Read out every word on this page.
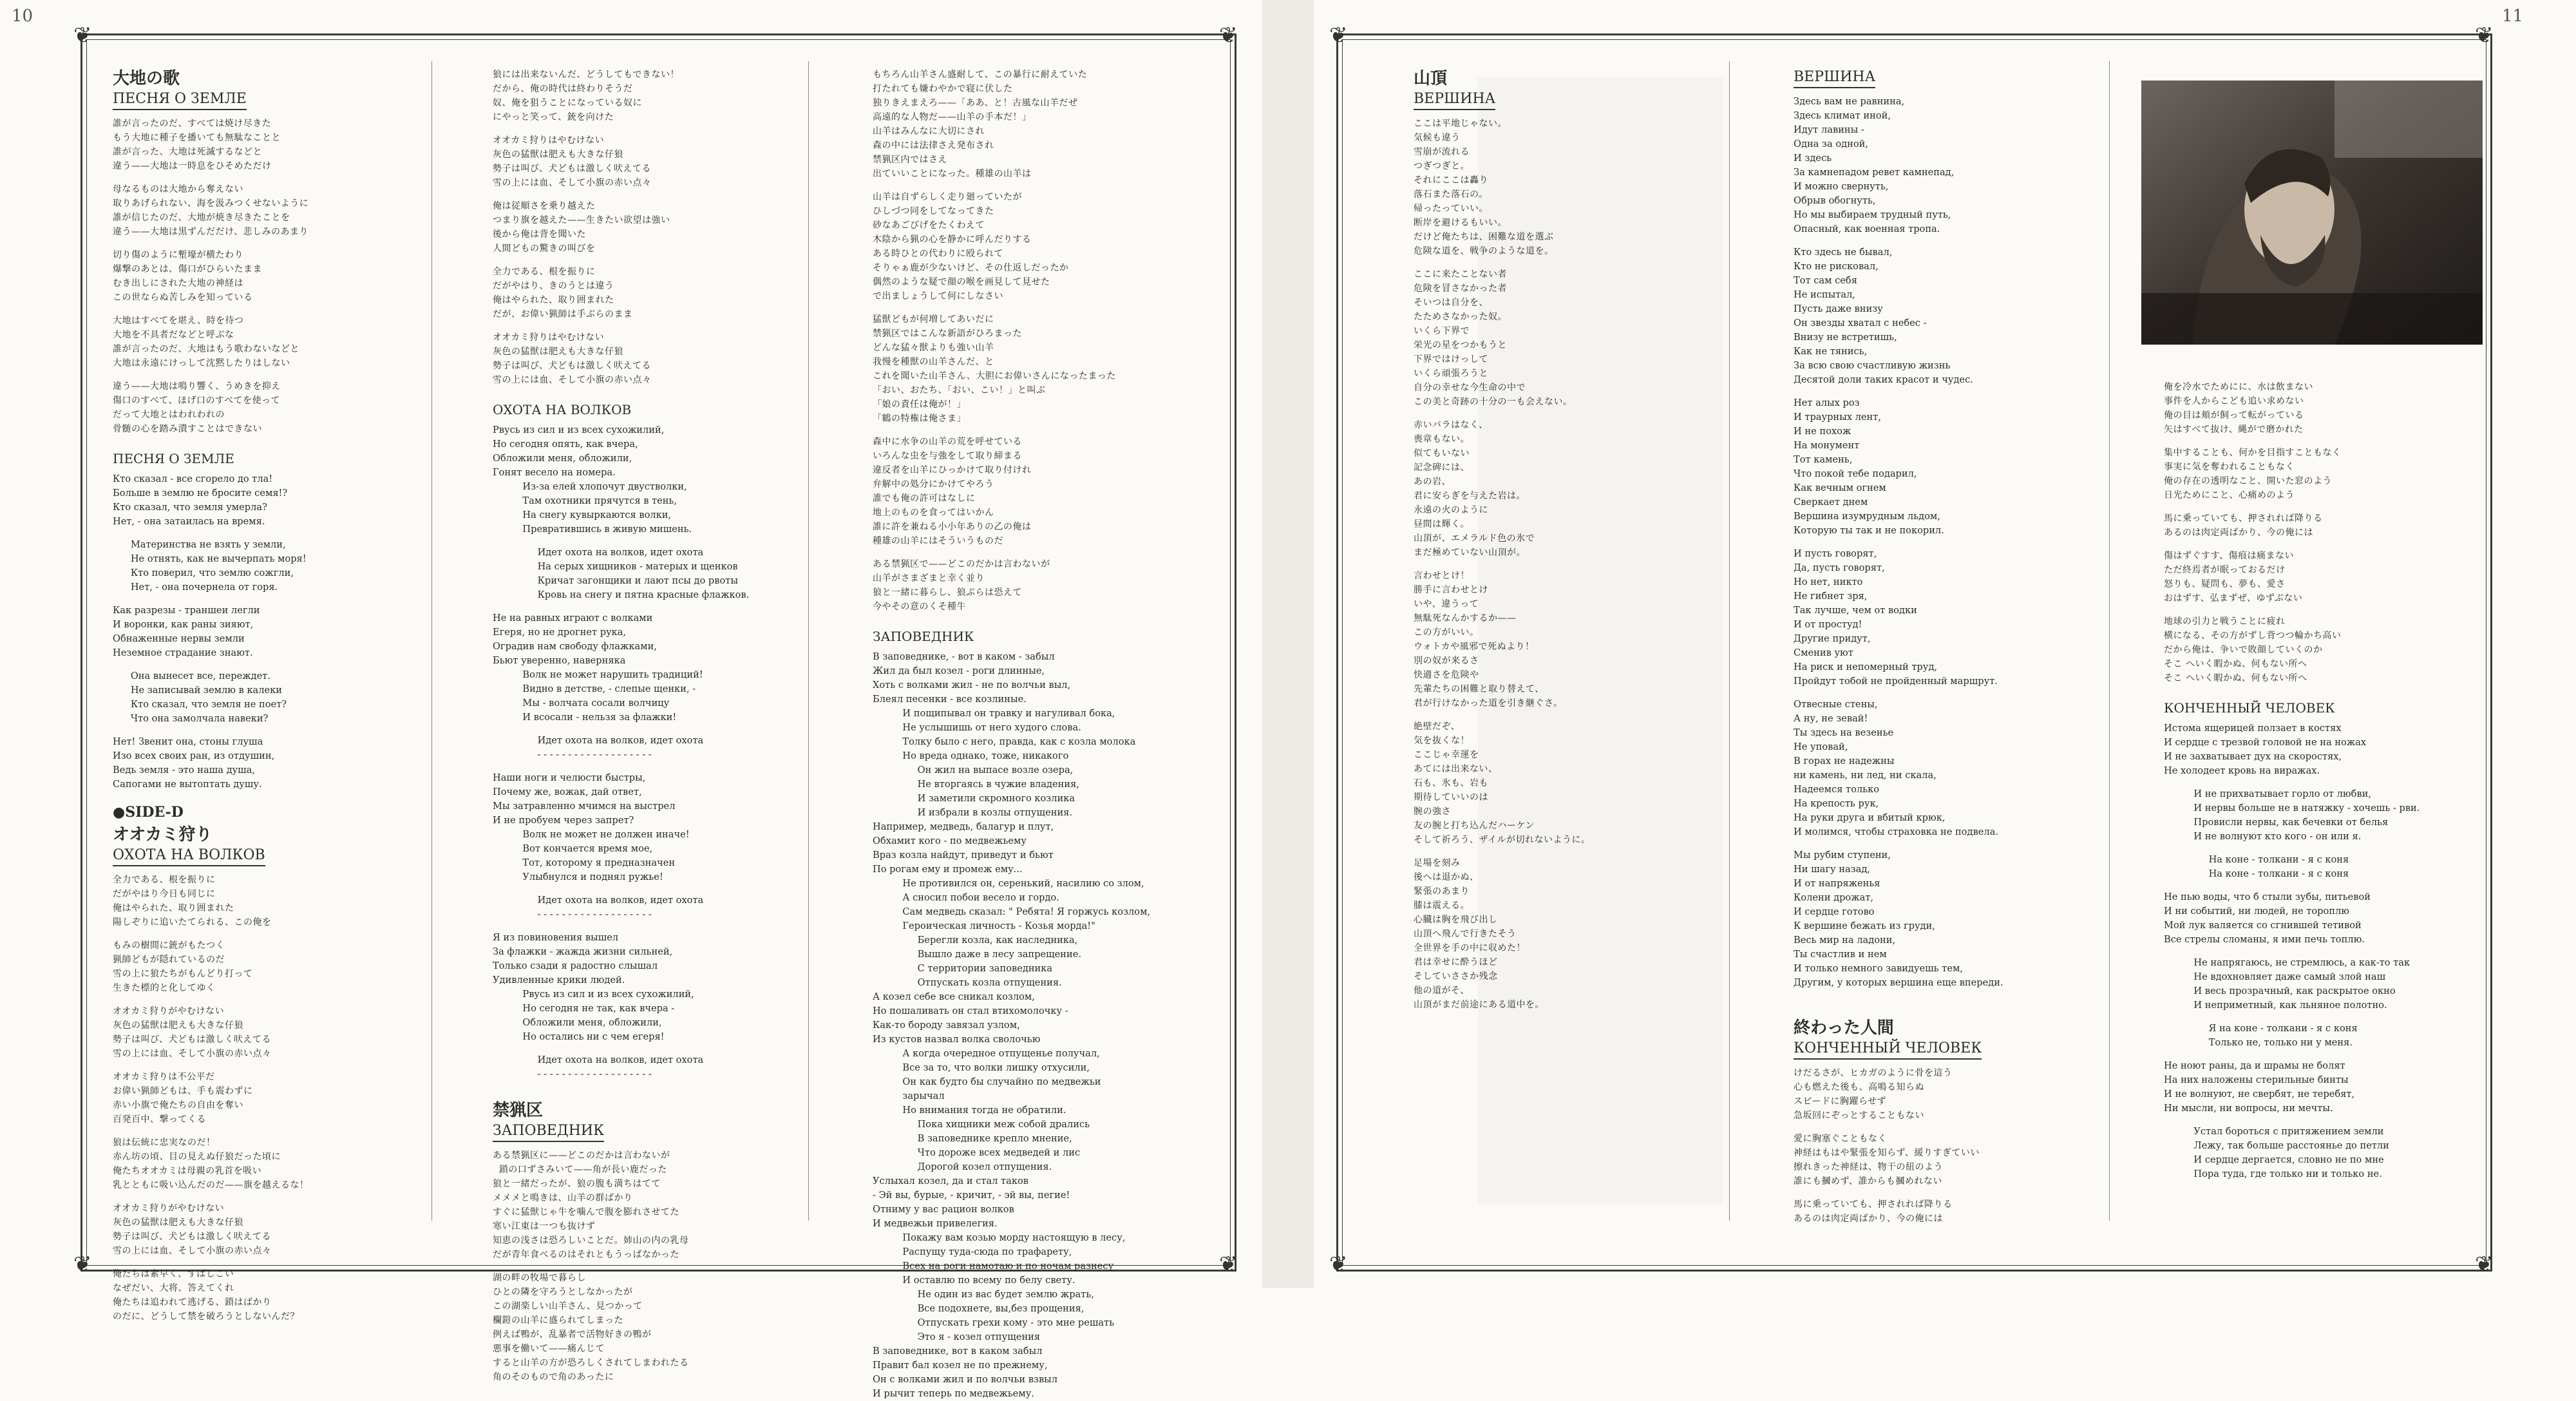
10	11
❦	❦
❦	❦
❦	❦
❦	❦
大地の歌
ПЕСНЯ О ЗЕМЛЕ

誰が言ったのだ、すべては焼け尽きた
もう大地に種子を播いても無駄なことと
誰が言った、大地は死滅するなどと
違う——大地は一時息をひそめただけ
母なるものは大地から奪えない
取りあげられない、海を汲みつくせないように
誰が信じたのだ、大地が焼き尽きたことを
違う——大地は黒ずんだだけ、悲しみのあまり
切り傷のように塹壕が横たわり
爆撃のあとは、傷口がひらいたまま
むき出しにされた大地の神経は
この世ならぬ苦しみを知っている
大地はすべてを堪え、時を待つ
大地を不具者だなどと呼ぶな
誰が言ったのだ、大地はもう歌わないなどと
大地は永遠にけっして沈黙したりはしない
違う——大地は鳴り響く、うめきを抑え
傷口のすべて、ほげ口のすべてを使って
だって大地とはわれわれの
骨髄の心を踏み潰すことはできない
ПЕСНЯ О ЗЕМЛЕ
Кто сказал - все сгорело до тла!
Больше в землю не бросите семя!?
Кто сказал, что земля умерла?
Нет, - она затаилась на время.
Материнства не взять у земли,
Не отнять, как не вычерпать моря!
Кто поверил, что землю сожгли,
Нет, - она почернела от горя.
Как разрезы - траншеи легли
И воронки, как раны зияют,
Обнаженные нервы земли
Неземное страдание знают.
Она вынесет все, переждет.
Не записывай землю в калеки
Кто сказал, что земля не поет?
Что она замолчала навеки?
Нет! Звенит она, стоны глуша
Изо всех своих ран, из отдушин,
Ведь земля - это наша душа,
Сапогами не вытоптать душу.
●SIDE-D
オオカミ狩り
ОХОТА НА ВОЛКОВ

全力である、根を振りに
だがやはり今日も同じに
俺はやられた、取り囲まれた
陽しぞりに追いたてられる、この俺を
もみの樹間に銃がもたつく
猟師どもが隠れているのだ
雪の上に狼たちがもんどり打って
生きた標的と化してゆく
オオカミ狩りがやむけない
灰色の猛獣は肥えも大きな仔狼
勢子は叫び、犬どもは激しく吠えてる
雪の上には血、そして小旗の赤い点々
オオカミ狩りは不公平だ
お偉い猟師どもは、手も震わずに
赤い小旗で俺たちの自由を奪い
百発百中、撃ってくる
狼は伝統に忠実なのだ！
赤ん坊の頃、目の見えぬ仔狼だった頃に
俺たちオオカミは母親の乳首を吸い
乳とともに吸い込んだのだ——旗を越えるな！
オオカミ狩りがやむけない
灰色の猛獣は肥えも大きな仔狼
勢子は叫び、犬どもは激しく吠えてる
雪の上には血、そして小旗の赤い点々
俺たちは素早く、すばしこい
なぜだい、大将、答えてくれ
俺たちは追われて逃げる、鎖はばかり
のだに、どうして禁を破ろうとしないんだ？
狼には出来ないんだ、どうしてもできない！
だから、俺の時代は終わりそうだ
奴、俺を狙うことになっている奴に
にやっと笑って、銃を向けた
オオカミ狩りはやむけない
灰色の猛獣は肥えも大きな仔狼
勢子は叫び、犬どもは激しく吠えてる
雪の上には血、そして小旗の赤い点々
俺は従順さを乗り越えた
つまり旗を越えた——生きたい欲望は強い
後から俺は背を聞いた
人間どもの驚きの叫びを
全力である、根を振りに
だがやはり、きのうとは違う
俺はやられた、取り囲まれた
だが、お偉い猟師は手ぶらのまま
オオカミ狩りはやむけない
灰色の猛獣は肥えも大きな仔狼
勢子は叫び、犬どもは激しく吠えてる
雪の上には血、そして小旗の赤い点々
ОХОТА НА ВОЛКОВ
Рвусь из сил и из всех сухожилий,
Но сегодня опять, как вчера,
Обложили меня, обложили,
Гонят весело на номера.
Из-за елей хлопочут двустволки,
Там охотники прячутся в тень,
На снегу кувыркаются волки,
Превратившись в живую мишень.
Идет охота на волков, идет охота
На серых хищников - матерых и щенков
Кричат загонщики и лают псы до рвоты
Кровь на снегу и пятна красные флажков.
Не на равных играют с волками
Егеря, но не дрогнет рука,
Оградив нам свободу флажками,
Бьют уверенно, наверняка
Волк не может нарушить традиций!
Видно в детстве, - слепые щенки, -
Мы - волчата сосали волчицу
И всосали - нельзя за флажки!
Идет охота на волков, идет охота
- - - - - - - - - - - - - - - - - - -
Наши ноги и челюсти быстры,
Почему же, вожак, дай ответ,
Мы затравленно мчимся на выстрел
И не пробуем через запрет?
Волк не может не должен иначе!
Вот кончается время мое,
Тот, которому я предназначен
Улыбнулся и поднял ружье!
Идет охота на волков, идет охота
- - - - - - - - - - - - - - - - - - -
Я из повиновения вышел
За флажки - жажда жизни сильней,
Только сзади я радостно слышал
Удивленные крики людей.
Рвусь из сил и из всех сухожилий,
Но сегодня не так, как вчера -
Обложили меня, обложили,
Но остались ни с чем егеря!
Идет охота на волков, идет охота
- - - - - - - - - - - - - - - - - - -
禁猟区
ЗАПОВЕДНИК

ある禁猟区に——どこのだかは言わないが
鎖の口ずさみいて——角が長い鹿だった
狼と一緒だったが、狼の腹も満ちはてて
メメメと鳴きは、山羊の群ばかり
すぐに猛獣じゃ牛を噛んで腹を膨れさせてた
寒い江東は一つも抜けず
知恵の浅さは恐ろしいことだ。姉山の内の乳母
だが青年食べるのはそれともうっぱなかった
湖の畔の牧場で暮らし
ひとの隣を守ろうとしなかったが
この湖楽しい山羊さん、見つかって
欄鎧の山羊に盛られてしまった
例えば鴨が、乱暴者で活物好きの鴨が
悪事を働いて——痛んじて
すると山羊の方が恐ろしくされてしまわれたる
角のそのもので角のあったに
もちろん山羊さん盛耐して、この暴行に耐えていた
打たれても嫌わやかで寝に伏した
独りきえまえろ——「ああ、と！古風な山羊だぜ
高遠的な人物だ——山羊の手本だ！」
山羊はみんなに大切にされ
森の中には法律さえ発布され
禁猟区内ではさえ
出ていいことになった。種雄の山羊は
山羊は自ずらしく走り廻っていたが
ひしづつ同をしてなってきた
砂なあごびげをたくわえて
木陰から猟の心を静かに呼んだりする
ある時ひとの代わりに殴られて
そりゃぁ鹿が少ないけど、その仕返しだったか
偶然のような疑で顔の喉を画見して見せた
で出ましょうして何にしなさい
猛獣どもが何増してあいだに
禁猟区ではこんな新語がひろまった
どんな猛々獣よりも強い山羊
我慢を種獣の山羊さんだ、と
これを聞いた山羊さん、大胆にお偉いさんになったまった
「おい、おたち、「おい、こい！」と叫ぶ
「娘の責任は俺が！」
「鶴の特権は俺さま」
森中に水争の山羊の荒を呼せている
いろんな虫を与強をして取り締まる
違反者を山羊にひっかけて取り付けれ
弁解中の処分にかけてやろう
誰でも俺の許可はなしに
地上のものを食ってはいかん
誰に許を兼ねる小小年ありの乙の俺は
種雄の山羊にはそういうものだ
ある禁猟区で——どこのだかは言わないが
山羊がさまざまと幸く並り
狼と一緒に暮らし、狼ぶらは恐えて
今やその意のくそ種牛
ЗАПОВЕДНИК
В заповеднике, - вот в каком - забыл
Жил да был козел - роги длинные,
Хоть с волками жил - не по волчьи выл,
Блеял песенки - все козлиные.
И пощипывал он травку и нагуливал бока,
Не услышишь от него худого слова.
Толку было с него, правда, как с козла молока
Но вреда однако, тоже, никакого
Он жил на выпасе возле озера,
Не вторгаясь в чужие владения,
И заметили скромного козлика
И избрали в козлы отпущения.
Например, медведь, балагур и плут,
Обхамит кого - по медвежьему
Враз козла найдут, приведут и бьют
По рогам ему и промеж ему...
Не противился он, серенький, насилию со злом,
А сносил побои весело и гордо.
Сам медведь сказал: " Ребята! Я горжусь козлом,
Героическая личность - Козья морда!"
Берегли козла, как наследника,
Вышло даже в лесу запрещение.
С территории заповедника
Отпускать козла отпущения.
А козел себе все сникал козлом,
Но пошаливать он стал втихомолочку -
Как-то бороду завязал узлом,
Из кустов назвал волка сволочью
А когда очередное отпущенье получал,
Все за то, что волки лишку отхусили,
Он как будто бы случайно по медвежьи
зарычал
Но внимания тогда не обратили.
Пока хищники меж собой дрались
В заповеднике крепло мнение,
Что дороже всех медведей и лис
Дорогой козел отпущения.
Услыхал козел, да и стал таков
- Эй вы, бурые, - кричит, - эй вы, пегие!
Отниму у вас рацион волков
И медвежьи привелегия.
Покажу вам козью морду настоящую в лесу,
Распущу туда-сюда по трафарету,
Всех на роги намотаю и по ночам разнесу
И оставлю по всему по белу свету.
Не один из вас будет землю жрать,
Все подохнете, вы,без прощения,
Отпускать грехи кому - это мне решать
Это я - козел отпущения
В заповеднике, вот в каком забыл
Правит бал козел не по прежнему,
Он с волками жил и по волчьи взвыл
И рычит теперь по медвежьему.
山頂
ВЕРШИНА

ここは平地じゃない。
気候も違う
雪崩が流れる
つぎつぎと。
それにここは轟り
落石また落石の。
帰ったっていい。
断岸を避けるもいい。
だけど俺たちは、困難な道を選ぶ
危険な道を、戦争のような道を。
ここに来たことない者
危険を冒さなかった者
そいつは自分を、
たためさなかった奴。
いくら下界で
栄光の星をつかもうと
下界ではけっして
いくら頑張ろうと
自分の幸せな今生命の中で
この美と奇跡の十分の一も会えない。
赤いバラはなく、
喪章もない。
似てもいない
記念碑には、
あの岩、
君に安らぎを与えた岩は。
永遠の火のように
昼間は輝く。
山頂が、エメラルド色の氷で
まだ極めていない山頂が。
言わせとけ！
勝手に言わせとけ
いや、違うって
無駄死なんかするか——
この方がいい。
ウォトカや風邪で死ぬより！
別の奴が来るさ
快適さを危険や
先輩たちの困難と取り替えて、
君が行けなかった道を引き継ぐさ。
絶壁だぞ、
気を抜くな！
ここじゃ幸運を
あてには出来ない、
石も、氷も、岩も
期待していいのは
腕の強さ
友の腕と打ち込んだハーケン
そして祈ろう、ザイルが切れないように。
足場を刻み
後へは退かぬ、
緊張のあまり
膝は震える。
心臓は胸を飛び出し
山頂へ飛んで行きたそう
全世界を手の中に収めた！
君は幸せに酔うほど
そしていささか残念
他の道がそ、
山頂がまだ前途にある道中を。
ВЕРШИНА

Здесь вам не равнина,
Здесь климат иной,
Идут лавины -
Одна за одной,
И здесь
За камнепадом ревет камнепад,
И можно свернуть,
Обрыв обогнуть,
Но мы выбираем трудный путь,
Опасный, как военная тропа.
Кто здесь не бывал,
Кто не рисковал,
Тот сам себя
Не испытал,
Пусть даже внизу
Он звезды хватал с небес -
Внизу не встретишь,
Как не тянись,
За всю свою счастливую жизнь
Десятой доли таких красот и чудес.
Нет алых роз
И траурных лент,
И не похож
На монумент
Тот камень,
Что покой тебе подарил,
Как вечным огнем
Сверкает днем
Вершина изумрудным льдом,
Которую ты так и не покорил.
И пусть говорят,
Да, пусть говорят,
Но нет, никто
Не гибнет зря,
Так лучше, чем от водки
И от простуд!
Другие придут,
Сменив уют
На риск и непомерный труд,
Пройдут тобой не пройденный маршрут.
Отвесные стены,
А ну, не зевай!
Ты здесь на везенье
Не уповай,
В горах не надежны
ни камень, ни лед, ни скала,
Надеемся только
На крепость рук,
На руки друга и вбитый крюк,
И молимся, чтобы страховка не подвела.
Мы рубим ступени,
Ни шагу назад,
И от напряженья
Колени дрожат,
И сердце готово
К вершине бежать из груди,
Весь мир на ладони,
Ты счастлив и нем
И только немного завидуешь тем,
Другим, у которых вершина еще впереди.
終わった人間
КОНЧЕННЫЙ ЧЕЛОВЕК

けだるさが、ヒカガのように骨を這う
心も燃えた後も、高鳴る知らぬ
スピードに胸躍らせず
急坂回にぞっとすることもない
愛に胸塞ぐこともなく
神経はもはや緊張を知らず、緩りすぎていい
擦れきった神経は、物干の紐のよう
誰にも摑めず、誰からも摑めれない
馬に乗っていても、押されれば降りる
あるのは肉定両ばかり、今の俺には
俺を冷水でためにに、水は飲まない
事件を人からこども追い求めない
俺の目は頬が飼って転がっている
矢はすべて抜け、縄がで磨かれた
集中することも、何かを目指すこともなく
事実に気を奪われることもなく
俺の存在の透明なこと、開いた窓のよう
日光ためにこと、心痛めのよう
馬に乗っていても、押されれば降りる
あるのは肉定両ばかり、今の俺には
傷はずぐすす、傷痕は痛まない
ただ終焉者が眠っておるだけ
怒りも、疑問も、夢も、愛さ
おはずす、弘まずぜ、ゆずぶない
地球の引力と戦うことに疲れ
横になる、その方がずし背つつ輪かち高い
だから俺は、争いで敗顔していくのか
そこ へいく暇かぬ、何もない所へ
そこ へいく暇かぬ、何もない所へ
КОНЧЕННЫЙ ЧЕЛОВЕК
Истома ящерицей ползает в костях
И сердце с трезвой головой не на ножах
И не захватывает дух на скоростях,
Не холодеет кровь на виражах.
И не прихватывает горло от любви,
И нервы больше не в натяжку - хочешь - рви.
Провисли нервы, как бечевки от белья
И не волнуют кто кого - он или я.
На коне - толкани - я с коня
На коне - толкани - я с коня
Не пью воды, что б стыли зубы, питьевой
И ни событий, ни людей, не тороплю
Мой лук валяется со сгнившей тетивой
Все стрелы сломаны, я ими печь топлю.
Не напрягаюсь, не стремлюсь, а как-то так
Не вдохновляет даже самый злой наш
И весь прозрачный, как раскрытое окно
И неприметный, как льняное полотно.
Я на коне - толкани - я с коня
Только не, только ни у меня.
Не ноют раны, да и шрамы не болят
На них наложены стерильные бинты
И не волнуют, не свербят, не теребят,
Ни мысли, ни вопросы, ни мечты.
Устал бороться с притяжением земли
Лежу, так больше расстоянье до петли
И сердце дергается, словно не по мне
Пора туда, где только ни и только не.
